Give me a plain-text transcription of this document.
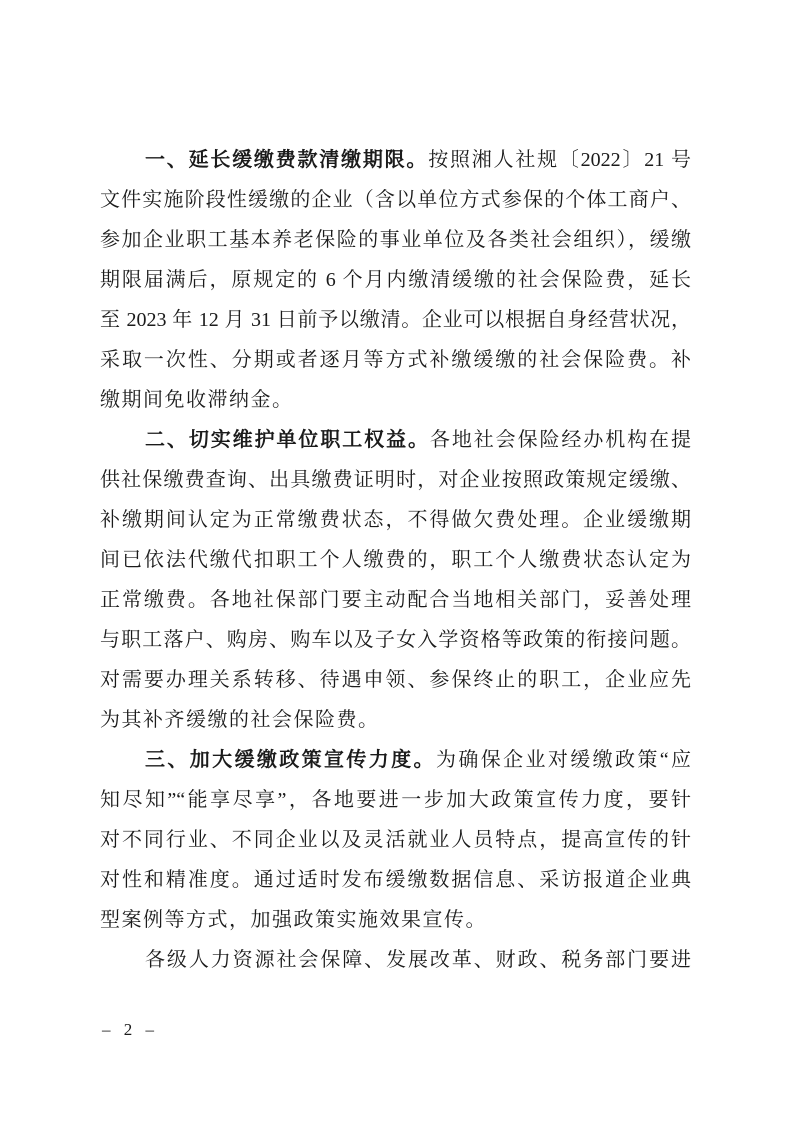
一、延长缓缴费款清缴期限。按照湘人社规〔2022〕21 号
文件实施阶段性缓缴的企业（含以单位方式参保的个体工商户、
参加企业职工基本养老保险的事业单位及各类社会组织），缓缴
期限届满后，原规定的 6 个月内缴清缓缴的社会保险费，延长
至 2023 年 12 月 31 日前予以缴清。企业可以根据自身经营状况，
采取一次性、分期或者逐月等方式补缴缓缴的社会保险费。补
缴期间免收滞纳金。
二、切实维护单位职工权益。各地社会保险经办机构在提
供社保缴费查询、出具缴费证明时，对企业按照政策规定缓缴、
补缴期间认定为正常缴费状态，不得做欠费处理。企业缓缴期
间已依法代缴代扣职工个人缴费的，职工个人缴费状态认定为
正常缴费。各地社保部门要主动配合当地相关部门，妥善处理
与职工落户、购房、购车以及子女入学资格等政策的衔接问题。
对需要办理关系转移、待遇申领、参保终止的职工，企业应先
为其补齐缓缴的社会保险费。
三、加大缓缴政策宣传力度。为确保企业对缓缴政策“应
知尽知”“能享尽享”，各地要进一步加大政策宣传力度，要针
对不同行业、不同企业以及灵活就业人员特点，提高宣传的针
对性和精准度。通过适时发布缓缴数据信息、采访报道企业典
型案例等方式，加强政策实施效果宣传。
各级人力资源社会保障、发展改革、财政、税务部门要进
– 2 –
